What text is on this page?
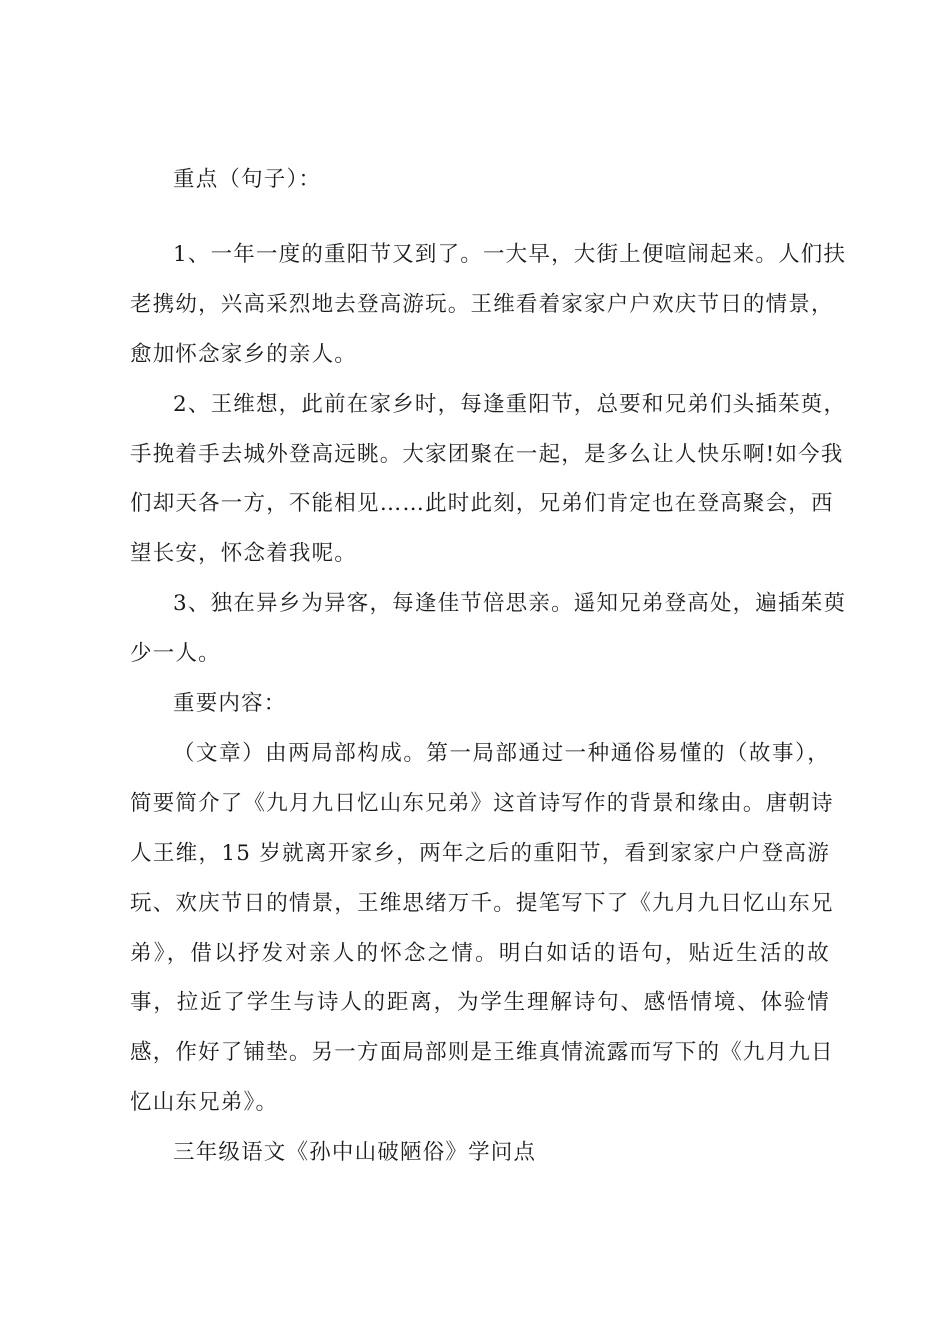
重点（句子）：
1、一年一度的重阳节又到了。一大早，大街上便喧闹起来。人们扶
老携幼，兴高采烈地去登高游玩。王维看着家家户户欢庆节日的情景，
愈加怀念家乡的亲人。
2、王维想，此前在家乡时，每逢重阳节，总要和兄弟们头插茱萸，
手挽着手去城外登高远眺。大家团聚在一起，是多么让人快乐啊!如今我
们却天各一方，不能相见……此时此刻，兄弟们肯定也在登高聚会，西
望长安，怀念着我呢。
3、独在异乡为异客，每逢佳节倍思亲。遥知兄弟登高处，遍插茱萸
少一人。
重要内容：
（文章）由两局部构成。第一局部通过一种通俗易懂的（故事），
简要简介了《九月九日忆山东兄弟》这首诗写作的背景和缘由。唐朝诗
人王维，15 岁就离开家乡，两年之后的重阳节，看到家家户户登高游
玩、欢庆节日的情景，王维思绪万千。提笔写下了《九月九日忆山东兄
弟》，借以抒发对亲人的怀念之情。明白如话的语句，贴近生活的故
事，拉近了学生与诗人的距离，为学生理解诗句、感悟情境、体验情
感，作好了铺垫。另一方面局部则是王维真情流露而写下的《九月九日
忆山东兄弟》。
三年级语文《孙中山破陋俗》学问点
